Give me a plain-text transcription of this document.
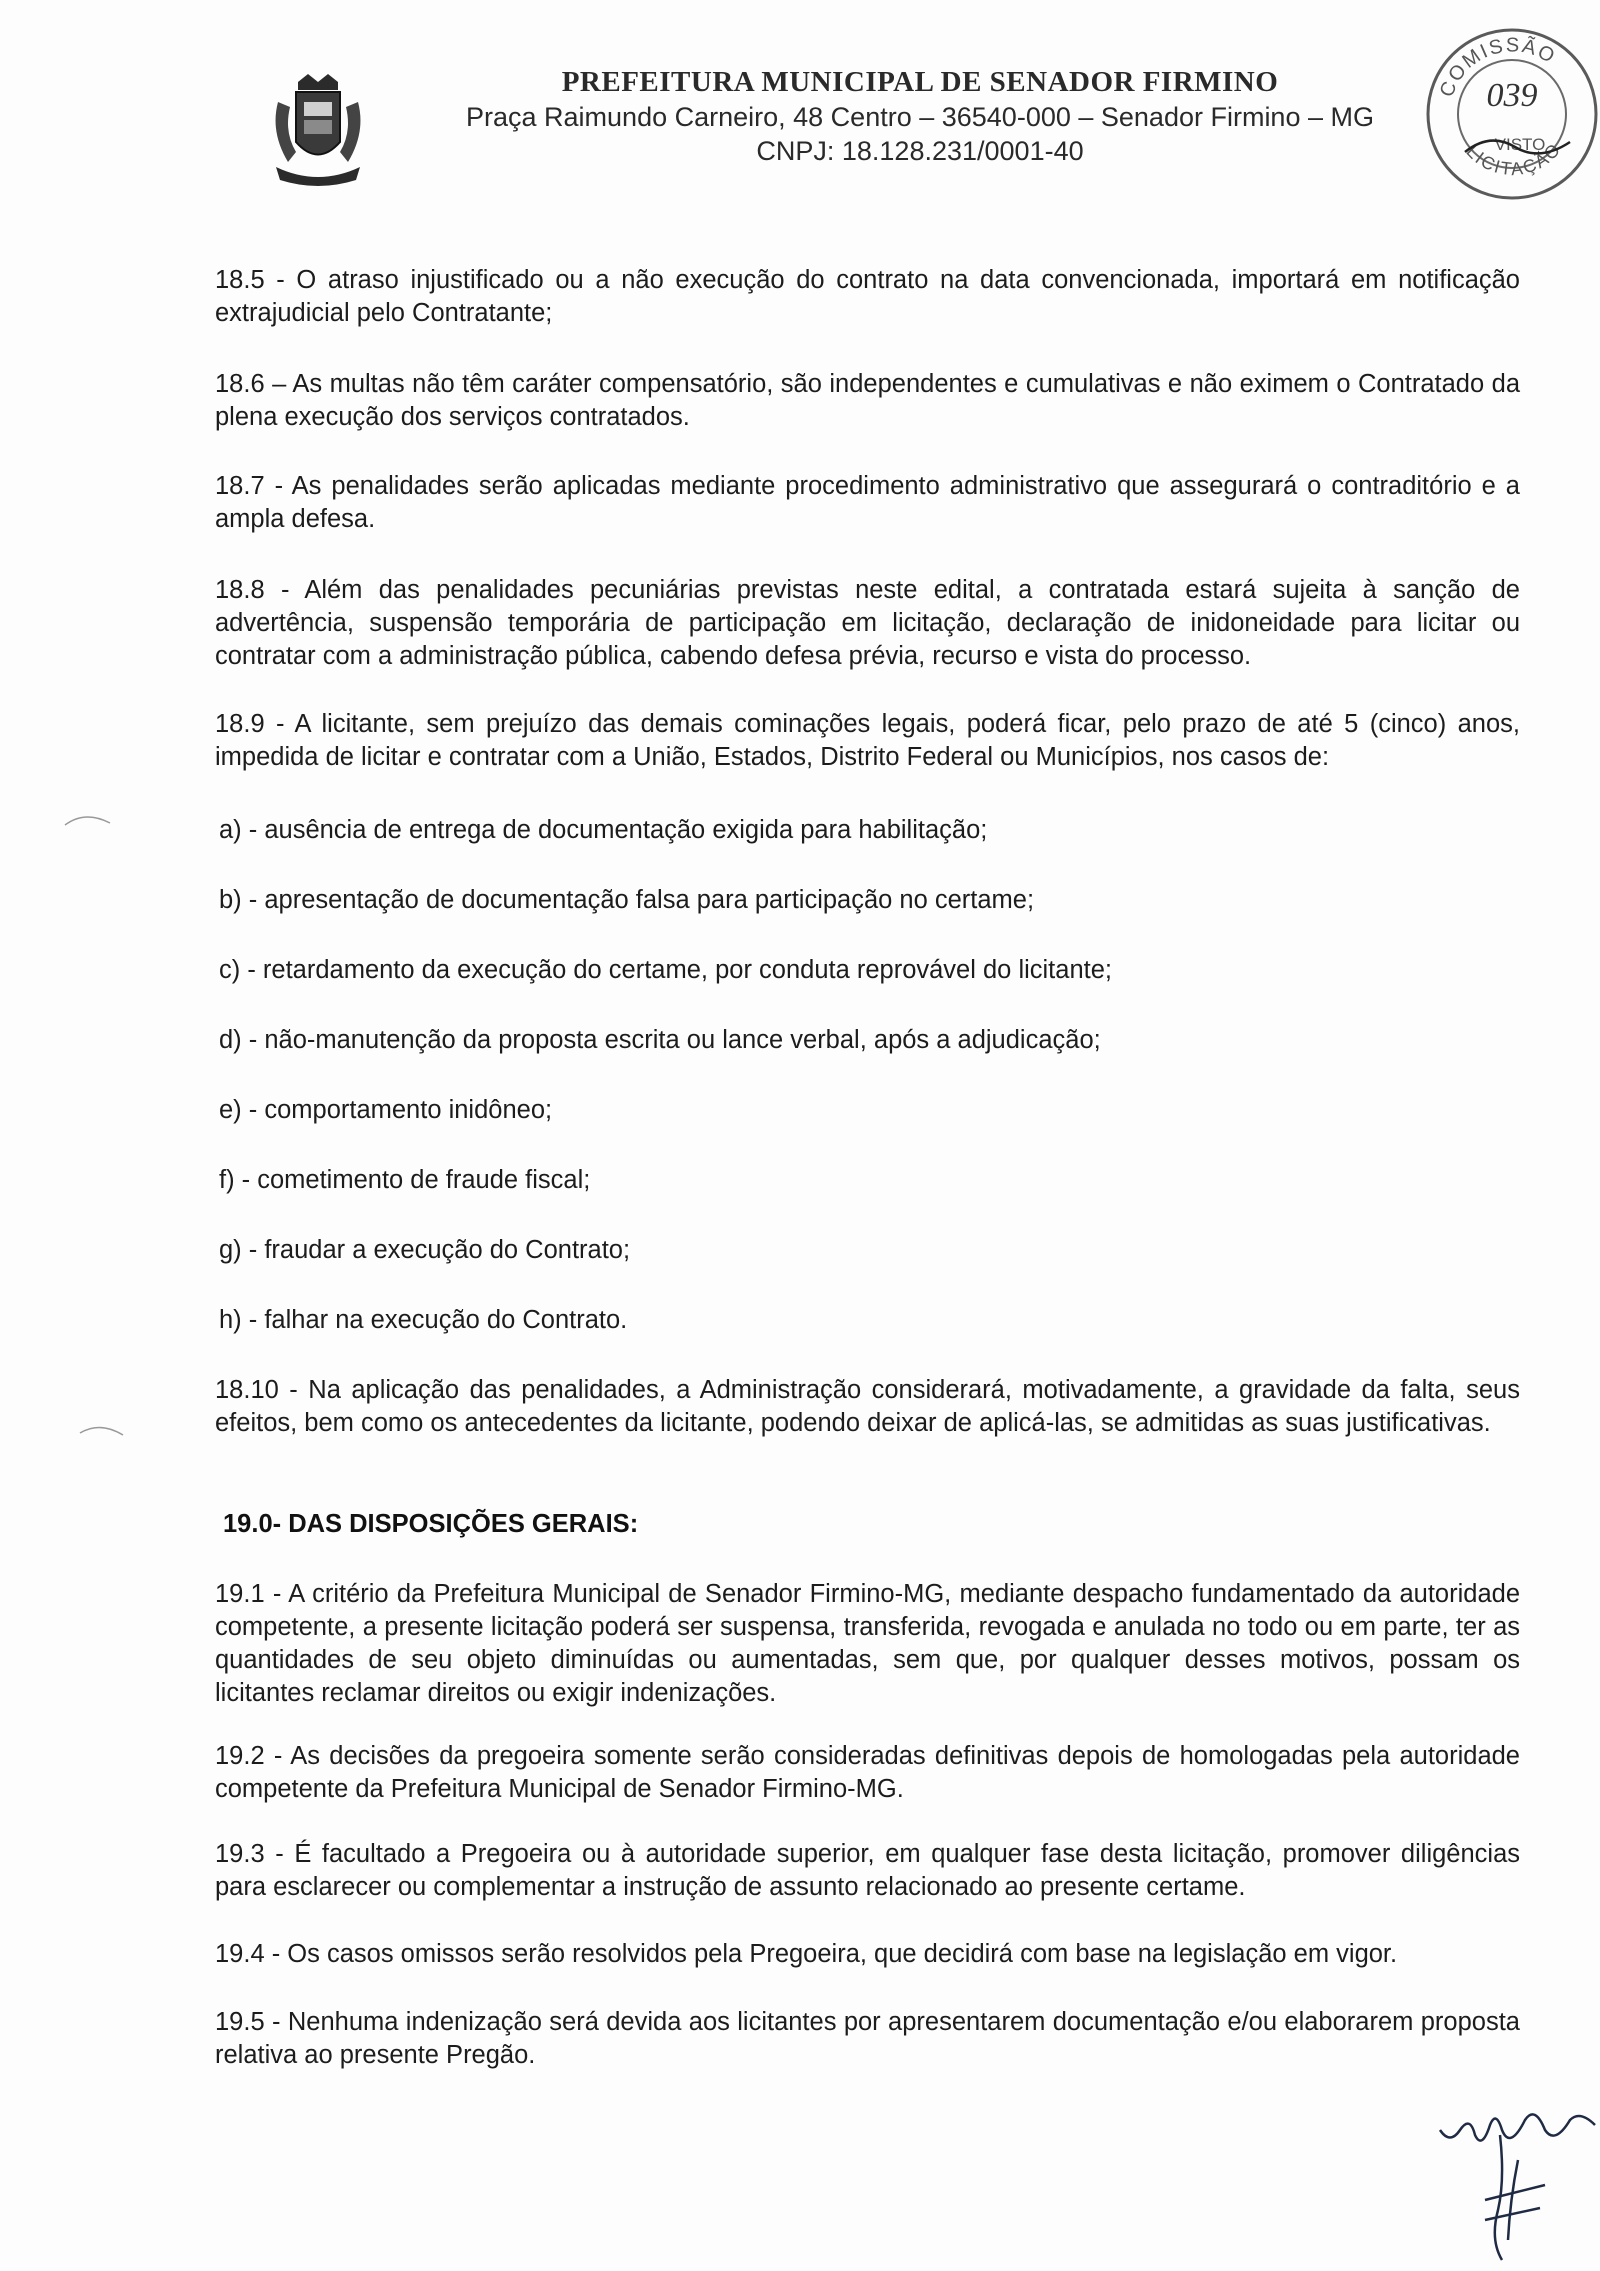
PREFEITURA MUNICIPAL DE SENADOR FIRMINO
Praça Raimundo Carneiro, 48 Centro – 36540-000 – Senador Firmino – MG
CNPJ: 18.128.231/0001-40
COMISSÃO
LICITAÇÃO
039
VISTO
18.5 - O atraso injustificado ou a não execução do contrato na data convencionada, importará em notificação extrajudicial pelo Contratante;
18.6 – As multas não têm caráter compensatório, são independentes e cumulativas e não eximem o Contratado da plena execução dos serviços contratados.
18.7 - As penalidades serão aplicadas mediante procedimento administrativo que assegurará o contraditório e a ampla defesa.
18.8 - Além das penalidades pecuniárias previstas neste edital, a contratada estará sujeita à sanção de advertência, suspensão temporária de participação em licitação, declaração de inidoneidade para licitar ou contratar com a administração pública, cabendo defesa prévia, recurso e vista do processo.
18.9 - A licitante, sem prejuízo das demais cominações legais, poderá ficar, pelo prazo de até 5 (cinco) anos, impedida de licitar e contratar com a União, Estados, Distrito Federal ou Municípios, nos casos de:
a) - ausência de entrega de documentação exigida para habilitação;
b) - apresentação de documentação falsa para participação no certame;
c) - retardamento da execução do certame, por conduta reprovável do licitante;
d) - não-manutenção da proposta escrita ou lance verbal, após a adjudicação;
e) - comportamento inidôneo;
f) - cometimento de fraude fiscal;
g) - fraudar a execução do Contrato;
h) - falhar na execução do Contrato.
18.10 - Na aplicação das penalidades, a Administração considerará, motivadamente, a gravidade da falta, seus efeitos, bem como os antecedentes da licitante, podendo deixar de aplicá-las, se admitidas as suas justificativas.
19.0- DAS DISPOSIÇÕES GERAIS:
19.1 - A critério da Prefeitura Municipal de Senador Firmino-MG, mediante despacho fundamentado da autoridade competente, a presente licitação poderá ser suspensa, transferida, revogada e anulada no todo ou em parte, ter as quantidades de seu objeto diminuídas ou aumentadas, sem que, por qualquer desses motivos, possam os licitantes reclamar direitos ou exigir indenizações.
19.2 - As decisões da pregoeira somente serão consideradas definitivas depois de homologadas pela autoridade competente da Prefeitura Municipal de Senador Firmino-MG.
19.3 - É facultado a Pregoeira ou à autoridade superior, em qualquer fase desta licitação, promover diligências para esclarecer ou complementar a instrução de assunto relacionado ao presente certame.
19.4 - Os casos omissos serão resolvidos pela Pregoeira, que decidirá com base na legislação em vigor.
19.5 - Nenhuma indenização será devida aos licitantes por apresentarem documentação e/ou elaborarem proposta relativa ao presente Pregão.
